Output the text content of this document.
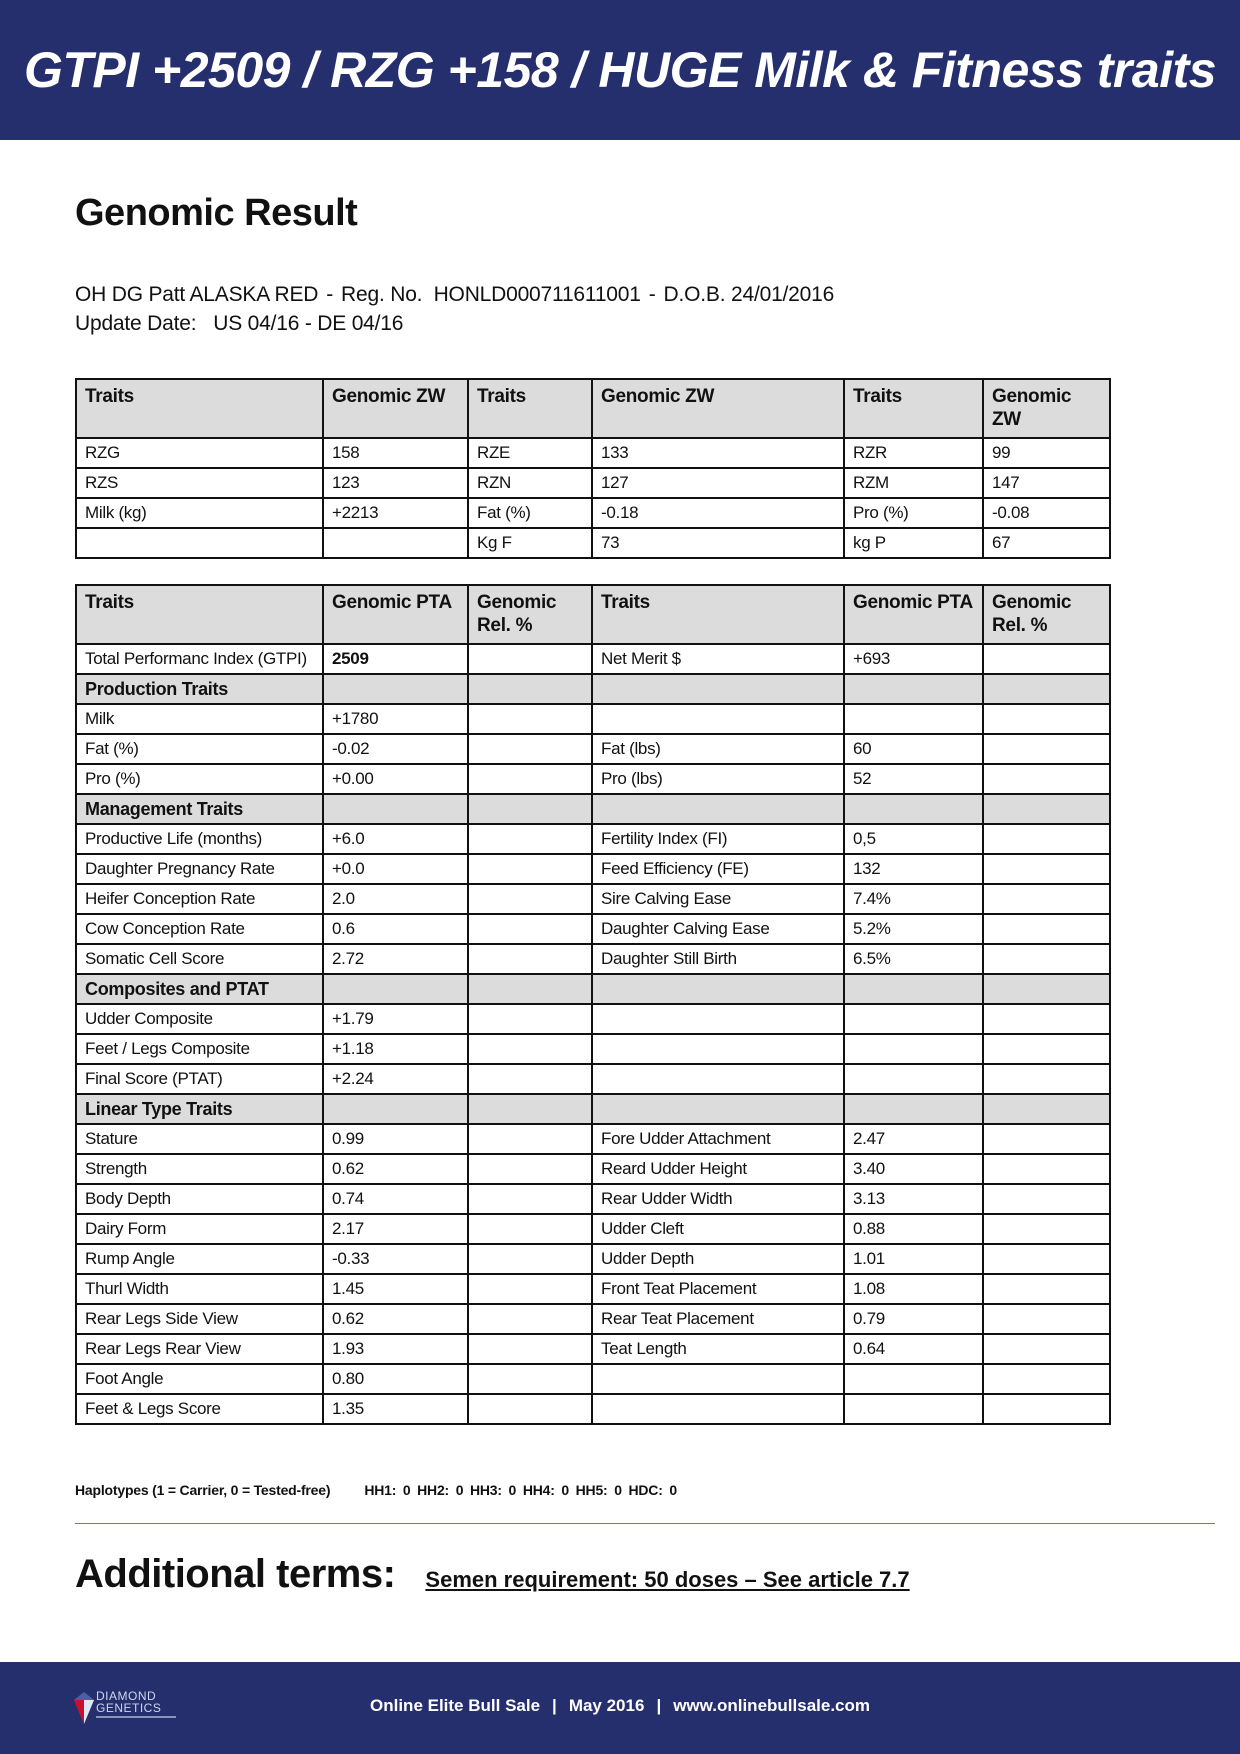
GTPI +2509 / RZG +158 / HUGE Milk & Fitness traits
Genomic Result
OH DG Patt ALASKA RED - Reg. No. HONLD000711611001 - D.O.B. 24/01/2016
Update Date: US 04/16 - DE 04/16
Traits	Genomic ZW	Traits	Genomic ZW	Traits	Genomic ZW
RZG	158	RZE	133	RZR	99
RZS	123	RZN	127	RZM	147
Milk (kg)	+2213	Fat (%)	-0.18	Pro (%)	-0.08
		Kg F	73	kg P	67
Traits	Genomic PTA	Genomic Rel. %	Traits	Genomic PTA	Genomic Rel. %
Total Performanc Index (GTPI)	2509		Net Merit $	+693	
Production Traits					
Milk	+1780				
Fat (%)	-0.02		Fat (lbs)	60	
Pro (%)	+0.00		Pro (lbs)	52	
Management Traits					
Productive Life (months)	+6.0		Fertility Index (FI)	0,5	
Daughter Pregnancy Rate	+0.0		Feed Efficiency (FE)	132	
Heifer Conception Rate	2.0		Sire Calving Ease	7.4%	
Cow Conception Rate	0.6		Daughter Calving Ease	5.2%	
Somatic Cell Score	2.72		Daughter Still Birth	6.5%	
Composites and PTAT					
Udder Composite	+1.79				
Feet / Legs Composite	+1.18				
Final Score (PTAT)	+2.24				
Linear Type Traits					
Stature	0.99		Fore Udder Attachment	2.47	
Strength	0.62		Reard Udder Height	3.40	
Body Depth	0.74		Rear Udder Width	3.13	
Dairy Form	2.17		Udder Cleft	0.88	
Rump Angle	-0.33		Udder Depth	1.01	
Thurl Width	1.45		Front Teat Placement	1.08	
Rear Legs Side View	0.62		Rear Teat Placement	0.79	
Rear Legs Rear View	1.93		Teat Length	0.64	
Foot Angle	0.80				
Feet & Legs Score	1.35				
Haplotypes (1 = Carrier, 0 = Tested-free) HH1: 0 HH2: 0 HH3: 0 HH4: 0 HH5: 0 HDC: 0
Additional terms: Semen requirement: 50 doses – See article 7.7
DIAMOND
GENETICS	Online Elite Bull Sale | May 2016 | www.onlinebullsale.com
